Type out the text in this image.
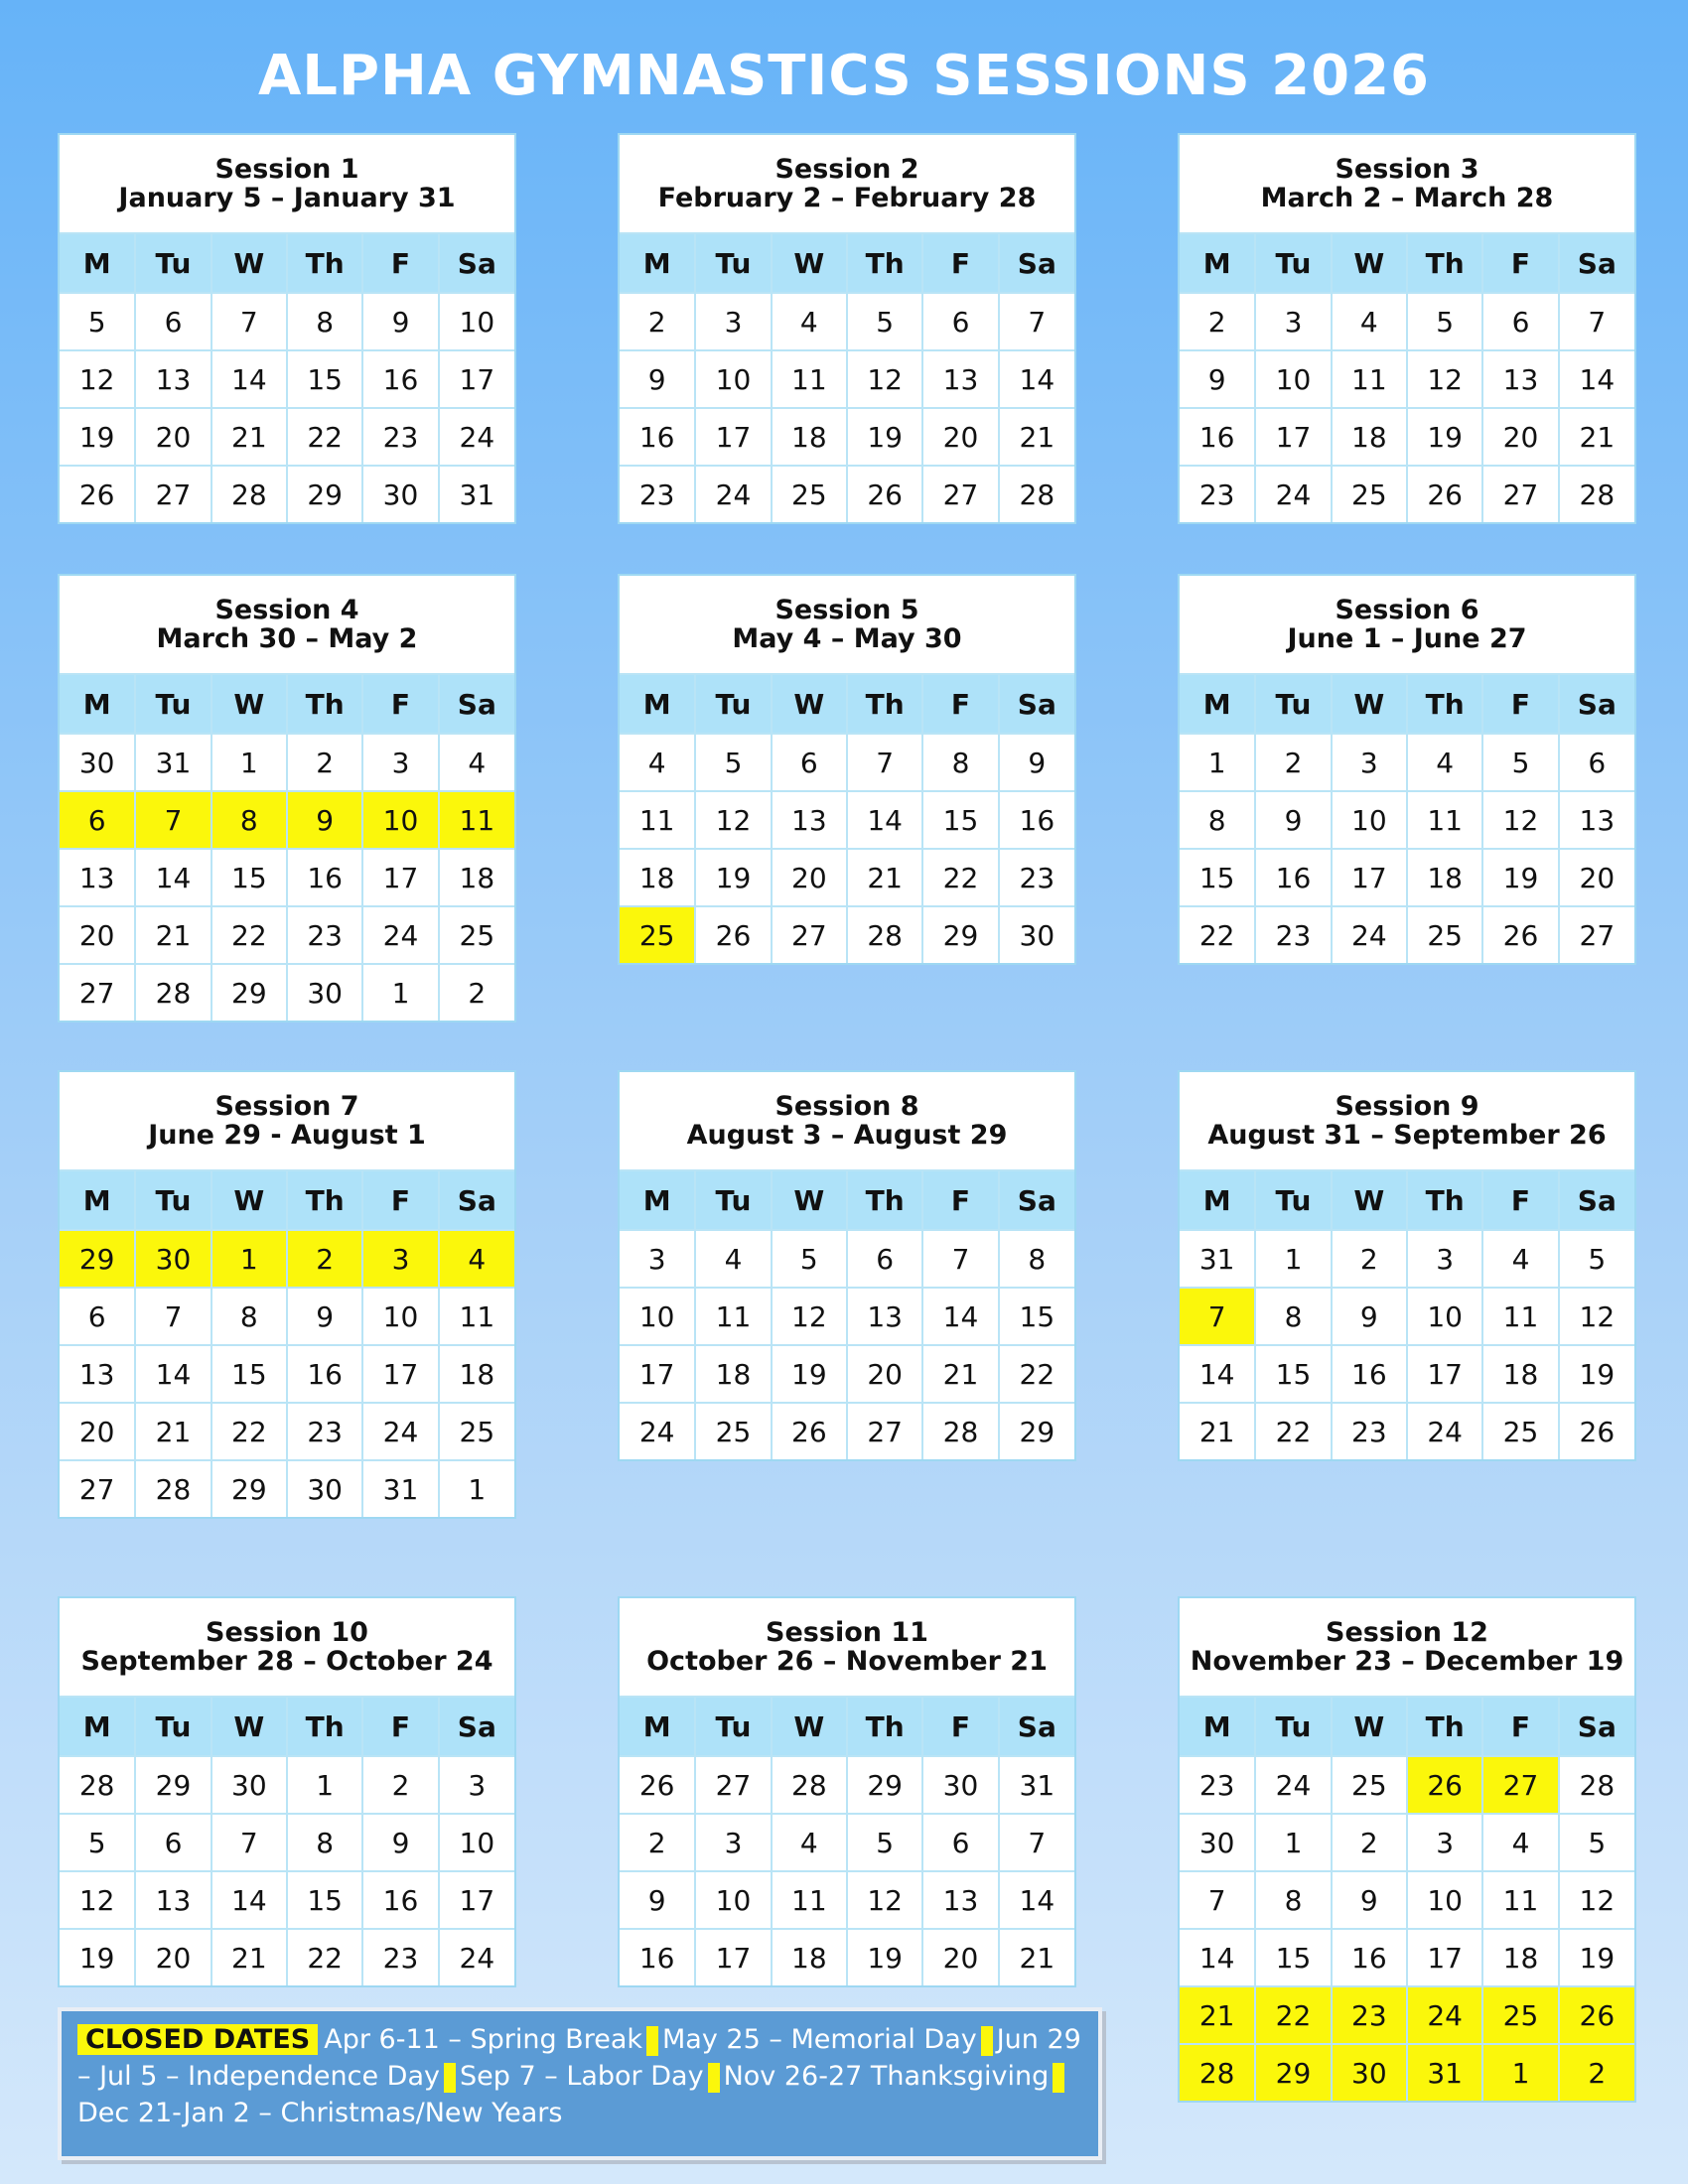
ALPHA GYMNASTICS SESSIONS 2026
Session 1
January 5 – January 31
M	Tu	W	Th	F	Sa
5	6	7	8	9	10
12	13	14	15	16	17
19	20	21	22	23	24
26	27	28	29	30	31
Session 2
February 2 – February 28
M	Tu	W	Th	F	Sa
2	3	4	5	6	7
9	10	11	12	13	14
16	17	18	19	20	21
23	24	25	26	27	28
Session 3
March 2 – March 28
M	Tu	W	Th	F	Sa
2	3	4	5	6	7
9	10	11	12	13	14
16	17	18	19	20	21
23	24	25	26	27	28
Session 4
March 30 – May 2
M	Tu	W	Th	F	Sa
30	31	1	2	3	4
6	7	8	9	10	11
13	14	15	16	17	18
20	21	22	23	24	25
27	28	29	30	1	2
Session 5
May 4 – May 30
M	Tu	W	Th	F	Sa
4	5	6	7	8	9
11	12	13	14	15	16
18	19	20	21	22	23
25	26	27	28	29	30
Session 6
June 1 – June 27
M	Tu	W	Th	F	Sa
1	2	3	4	5	6
8	9	10	11	12	13
15	16	17	18	19	20
22	23	24	25	26	27
Session 7
June 29 - August 1
M	Tu	W	Th	F	Sa
29	30	1	2	3	4
6	7	8	9	10	11
13	14	15	16	17	18
20	21	22	23	24	25
27	28	29	30	31	1
Session 8
August 3 – August 29
M	Tu	W	Th	F	Sa
3	4	5	6	7	8
10	11	12	13	14	15
17	18	19	20	21	22
24	25	26	27	28	29
Session 9
August 31 – September 26
M	Tu	W	Th	F	Sa
31	1	2	3	4	5
7	8	9	10	11	12
14	15	16	17	18	19
21	22	23	24	25	26
Session 10
September 28 – October 24
M	Tu	W	Th	F	Sa
28	29	30	1	2	3
5	6	7	8	9	10
12	13	14	15	16	17
19	20	21	22	23	24
Session 11
October 26 – November 21
M	Tu	W	Th	F	Sa
26	27	28	29	30	31
2	3	4	5	6	7
9	10	11	12	13	14
16	17	18	19	20	21
Session 12
November 23 – December 19
M	Tu	W	Th	F	Sa
23	24	25	26	27	28
30	1	2	3	4	5
7	8	9	10	11	12
14	15	16	17	18	19
21	22	23	24	25	26
28	29	30	31	1	2
CLOSED DATES Apr 6-11 – Spring Break May 25 – Memorial Day Jun 29 – Jul 5 – Independence Day Sep 7 – Labor Day Nov 26-27 ThanksgivingDec 21-Jan 2 – Christmas/New Years
